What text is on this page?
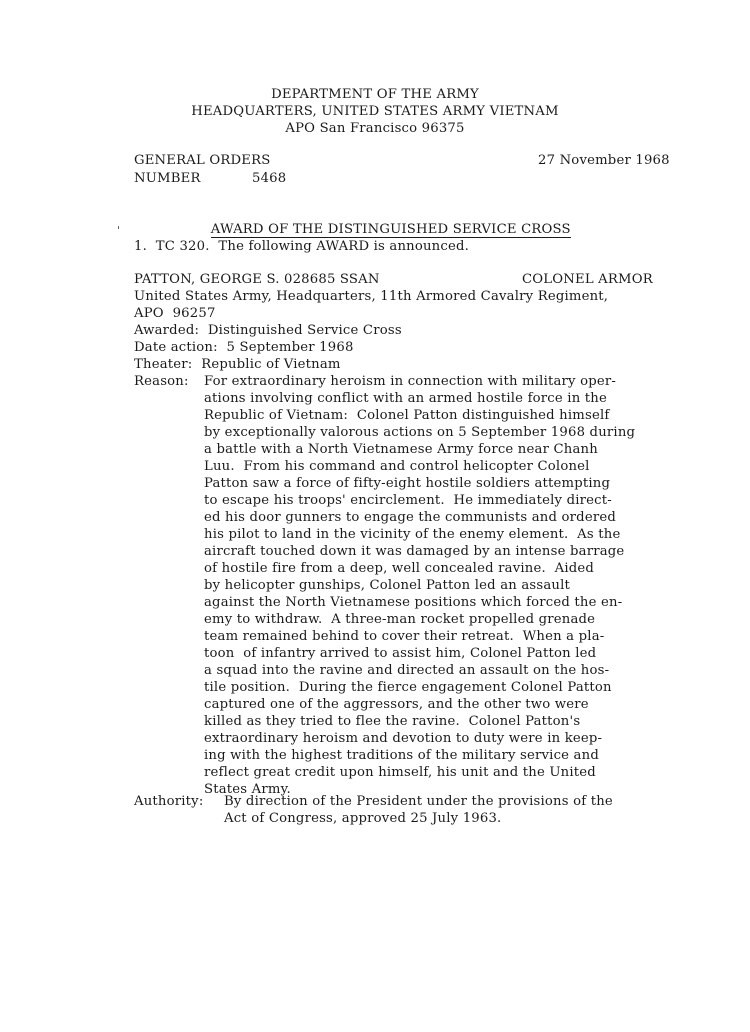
DEPARTMENT OF THE ARMY
HEADQUARTERS, UNITED STATES ARMY VIETNAM
APO San Francisco 96375
GENERAL ORDERS	27 November 1968
NUMBER	5468

AWARD OF THE DISTINGUISHED SERVICE CROSS

1.  TC 320.  The following AWARD is announced.
PATTON, GEORGE S. 028685 SSAN	COLONEL ARMOR
United States Army, Headquarters, 11th Armored Cavalry Regiment,
APO  96257
Awarded:  Distinguished Service Cross
Date action:  5 September 1968
Theater:  Republic of Vietnam
Reason: For extraordinary heroism in connection with military oper-
ations involving conflict with an armed hostile force in the
Republic of Vietnam:  Colonel Patton distinguished himself
by exceptionally valorous actions on 5 September 1968 during
a battle with a North Vietnamese Army force near Chanh
Luu.  From his command and control helicopter Colonel
Patton saw a force of fifty-eight hostile soldiers attempting
to escape his troops' encirclement.  He immediately direct-
ed his door gunners to engage the communists and ordered
his pilot to land in the vicinity of the enemy element.  As the
aircraft touched down it was damaged by an intense barrage
of hostile fire from a deep, well concealed ravine.  Aided
by helicopter gunships, Colonel Patton led an assault
against the North Vietnamese positions which forced the en-
emy to withdraw.  A three-man rocket propelled grenade
team remained behind to cover their retreat.  When a pla-
toon  of infantry arrived to assist him, Colonel Patton led
a squad into the ravine and directed an assault on the hos-
tile position.  During the fierce engagement Colonel Patton
captured one of the aggressors, and the other two were
killed as they tried to flee the ravine.  Colonel Patton's
extraordinary heroism and devotion to duty were in keep-
ing with the highest traditions of the military service and
reflect great credit upon himself, his unit and the United
States Army.
Authority: By direction of the President under the provisions of the
Act of Congress, approved 25 July 1963.
